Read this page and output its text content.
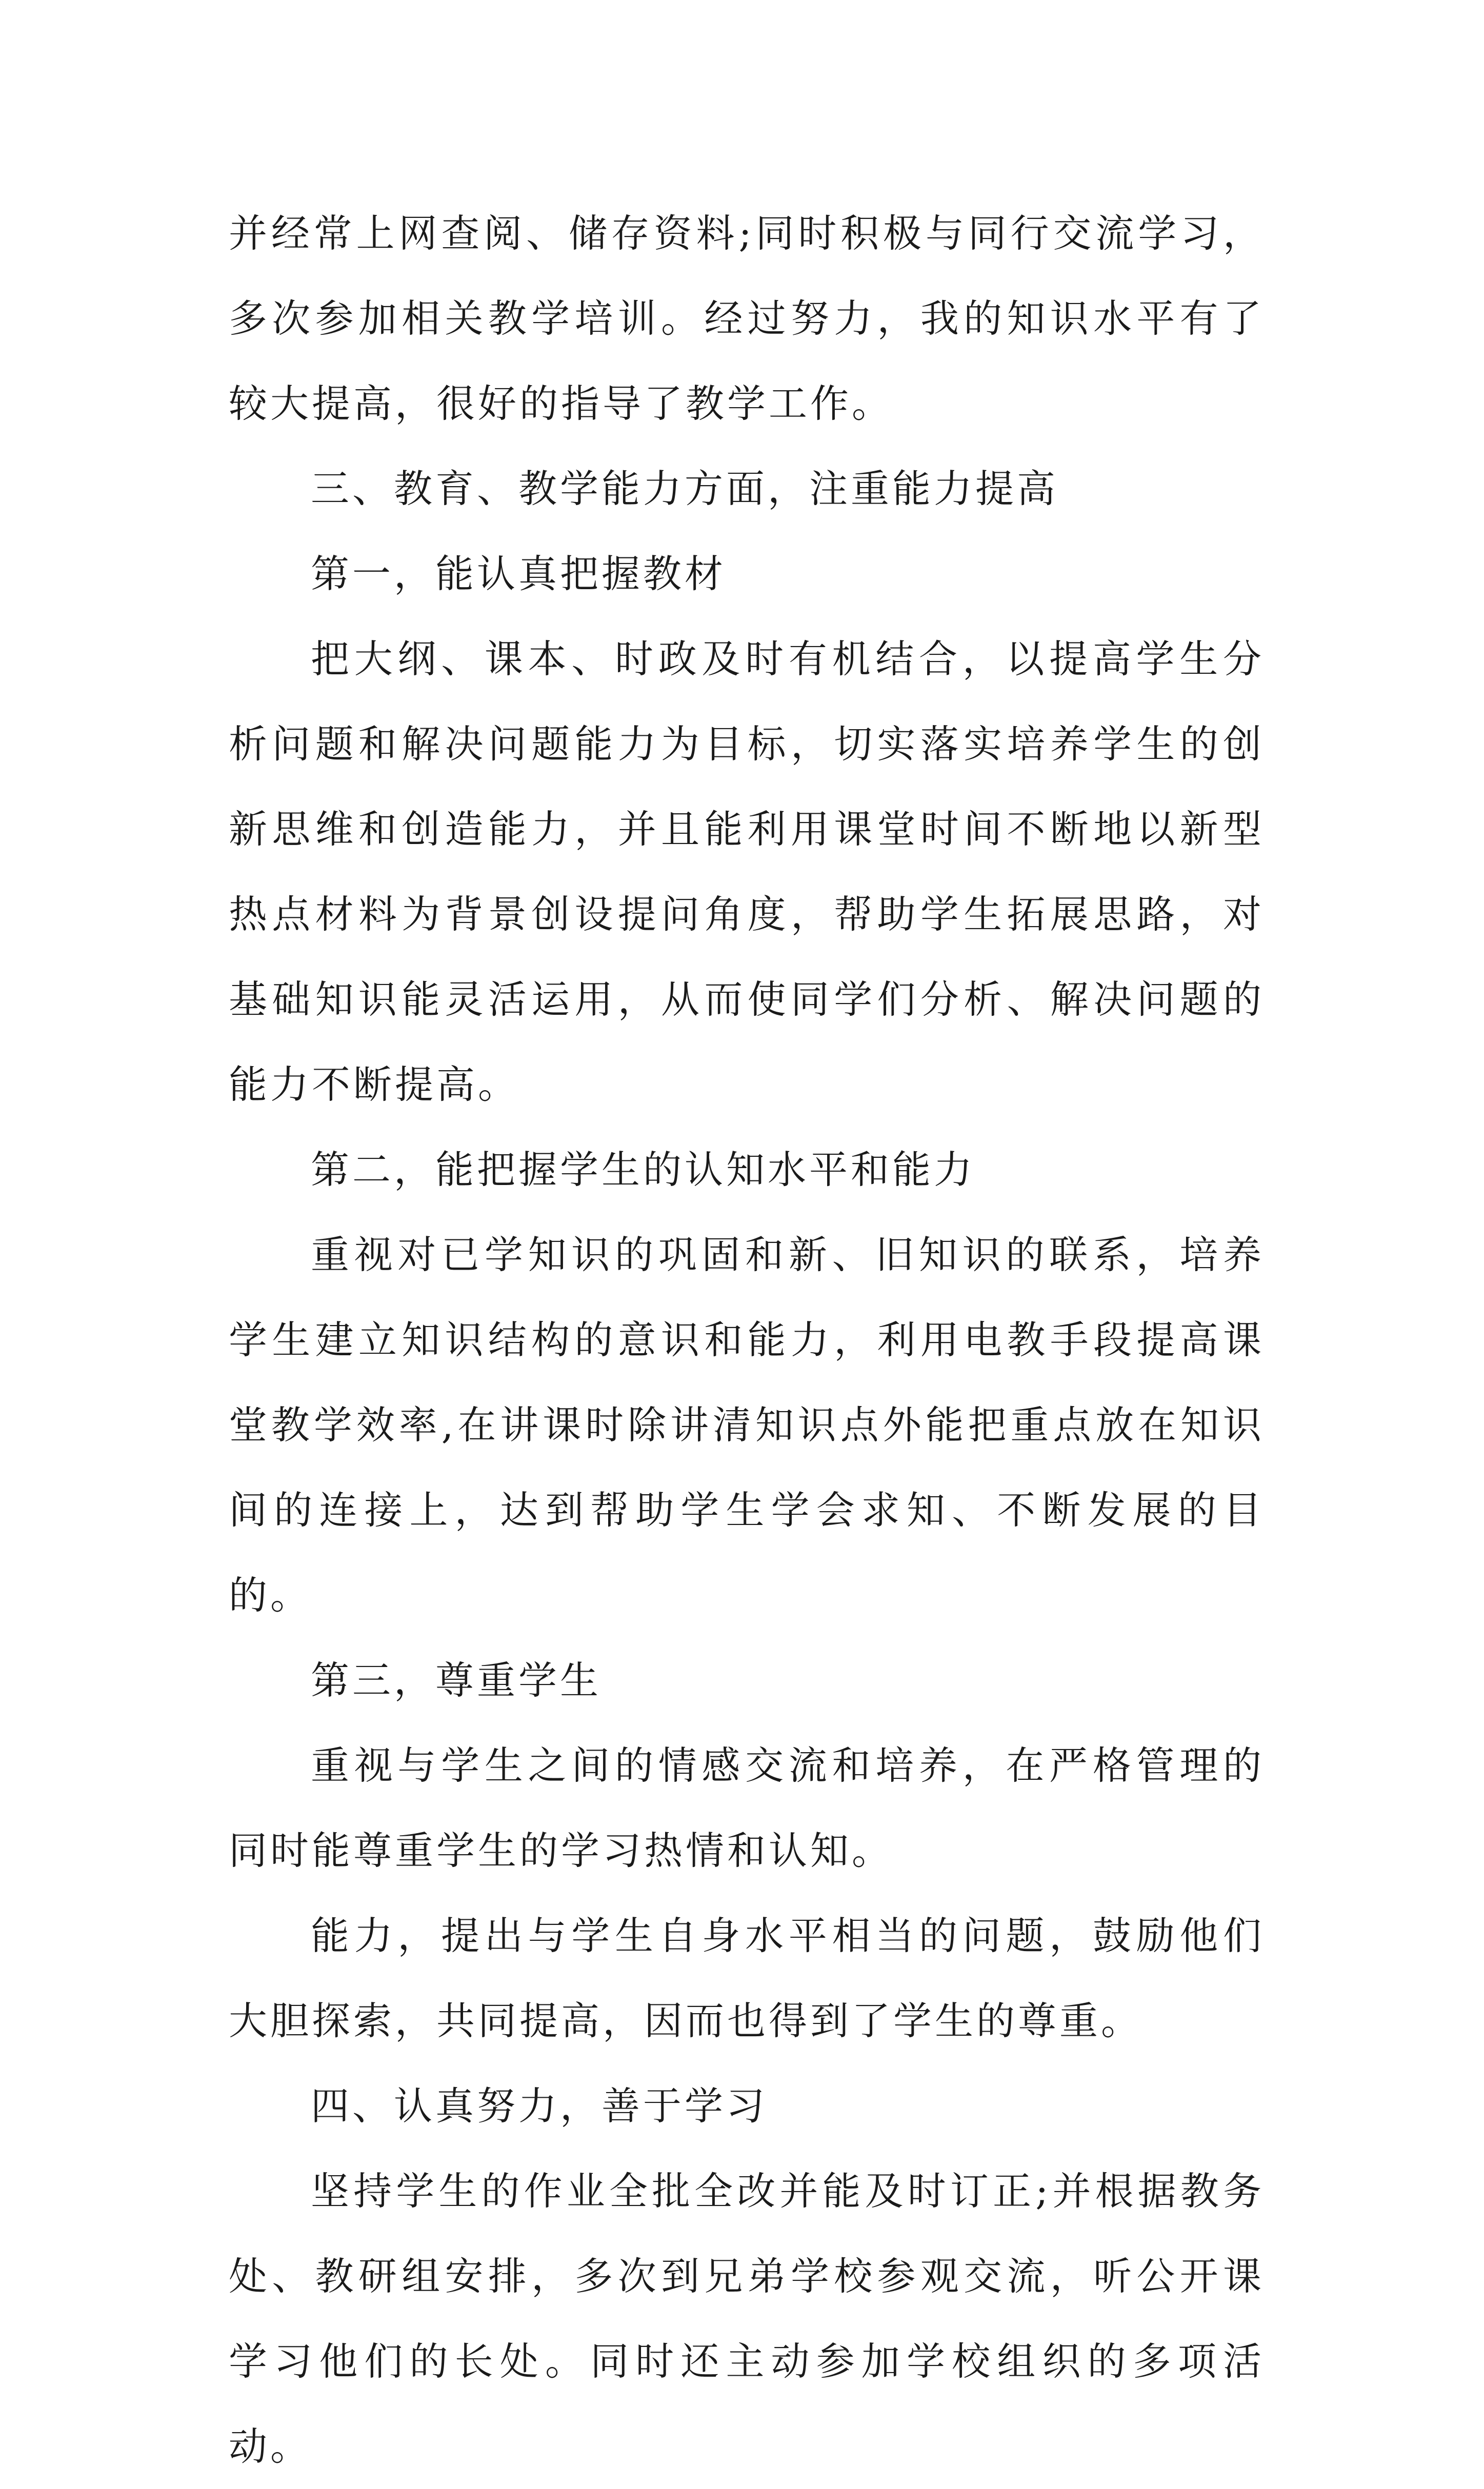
并经常上网查阅、储存资料;同时积极与同行交流学习，多次参加相关教学培训。经过努力，我的知识水平有了较大提高，很好的指导了教学工作。

三、教育、教学能力方面，注重能力提高

第一，能认真把握教材

把大纲、课本、时政及时有机结合，以提高学生分析问题和解决问题能力为目标，切实落实培养学生的创新思维和创造能力，并且能利用课堂时间不断地以新型热点材料为背景创设提问角度，帮助学生拓展思路，对基础知识能灵活运用，从而使同学们分析、解决问题的能力不断提高。

第二，能把握学生的认知水平和能力

重视对已学知识的巩固和新、旧知识的联系，培养学生建立知识结构的意识和能力，利用电教手段提高课堂教学效率,在讲课时除讲清知识点外能把重点放在知识间的连接上，达到帮助学生学会求知、不断发展的目的。

第三，尊重学生

重视与学生之间的情感交流和培养，在严格管理的同时能尊重学生的学习热情和认知。

能力，提出与学生自身水平相当的问题，鼓励他们大胆探索，共同提高，因而也得到了学生的尊重。

四、认真努力，善于学习

坚持学生的作业全批全改并能及时订正;并根据教务处、教研组安排，多次到兄弟学校参观交流，听公开课学习他们的长处。同时还主动参加学校组织的多项活动。
